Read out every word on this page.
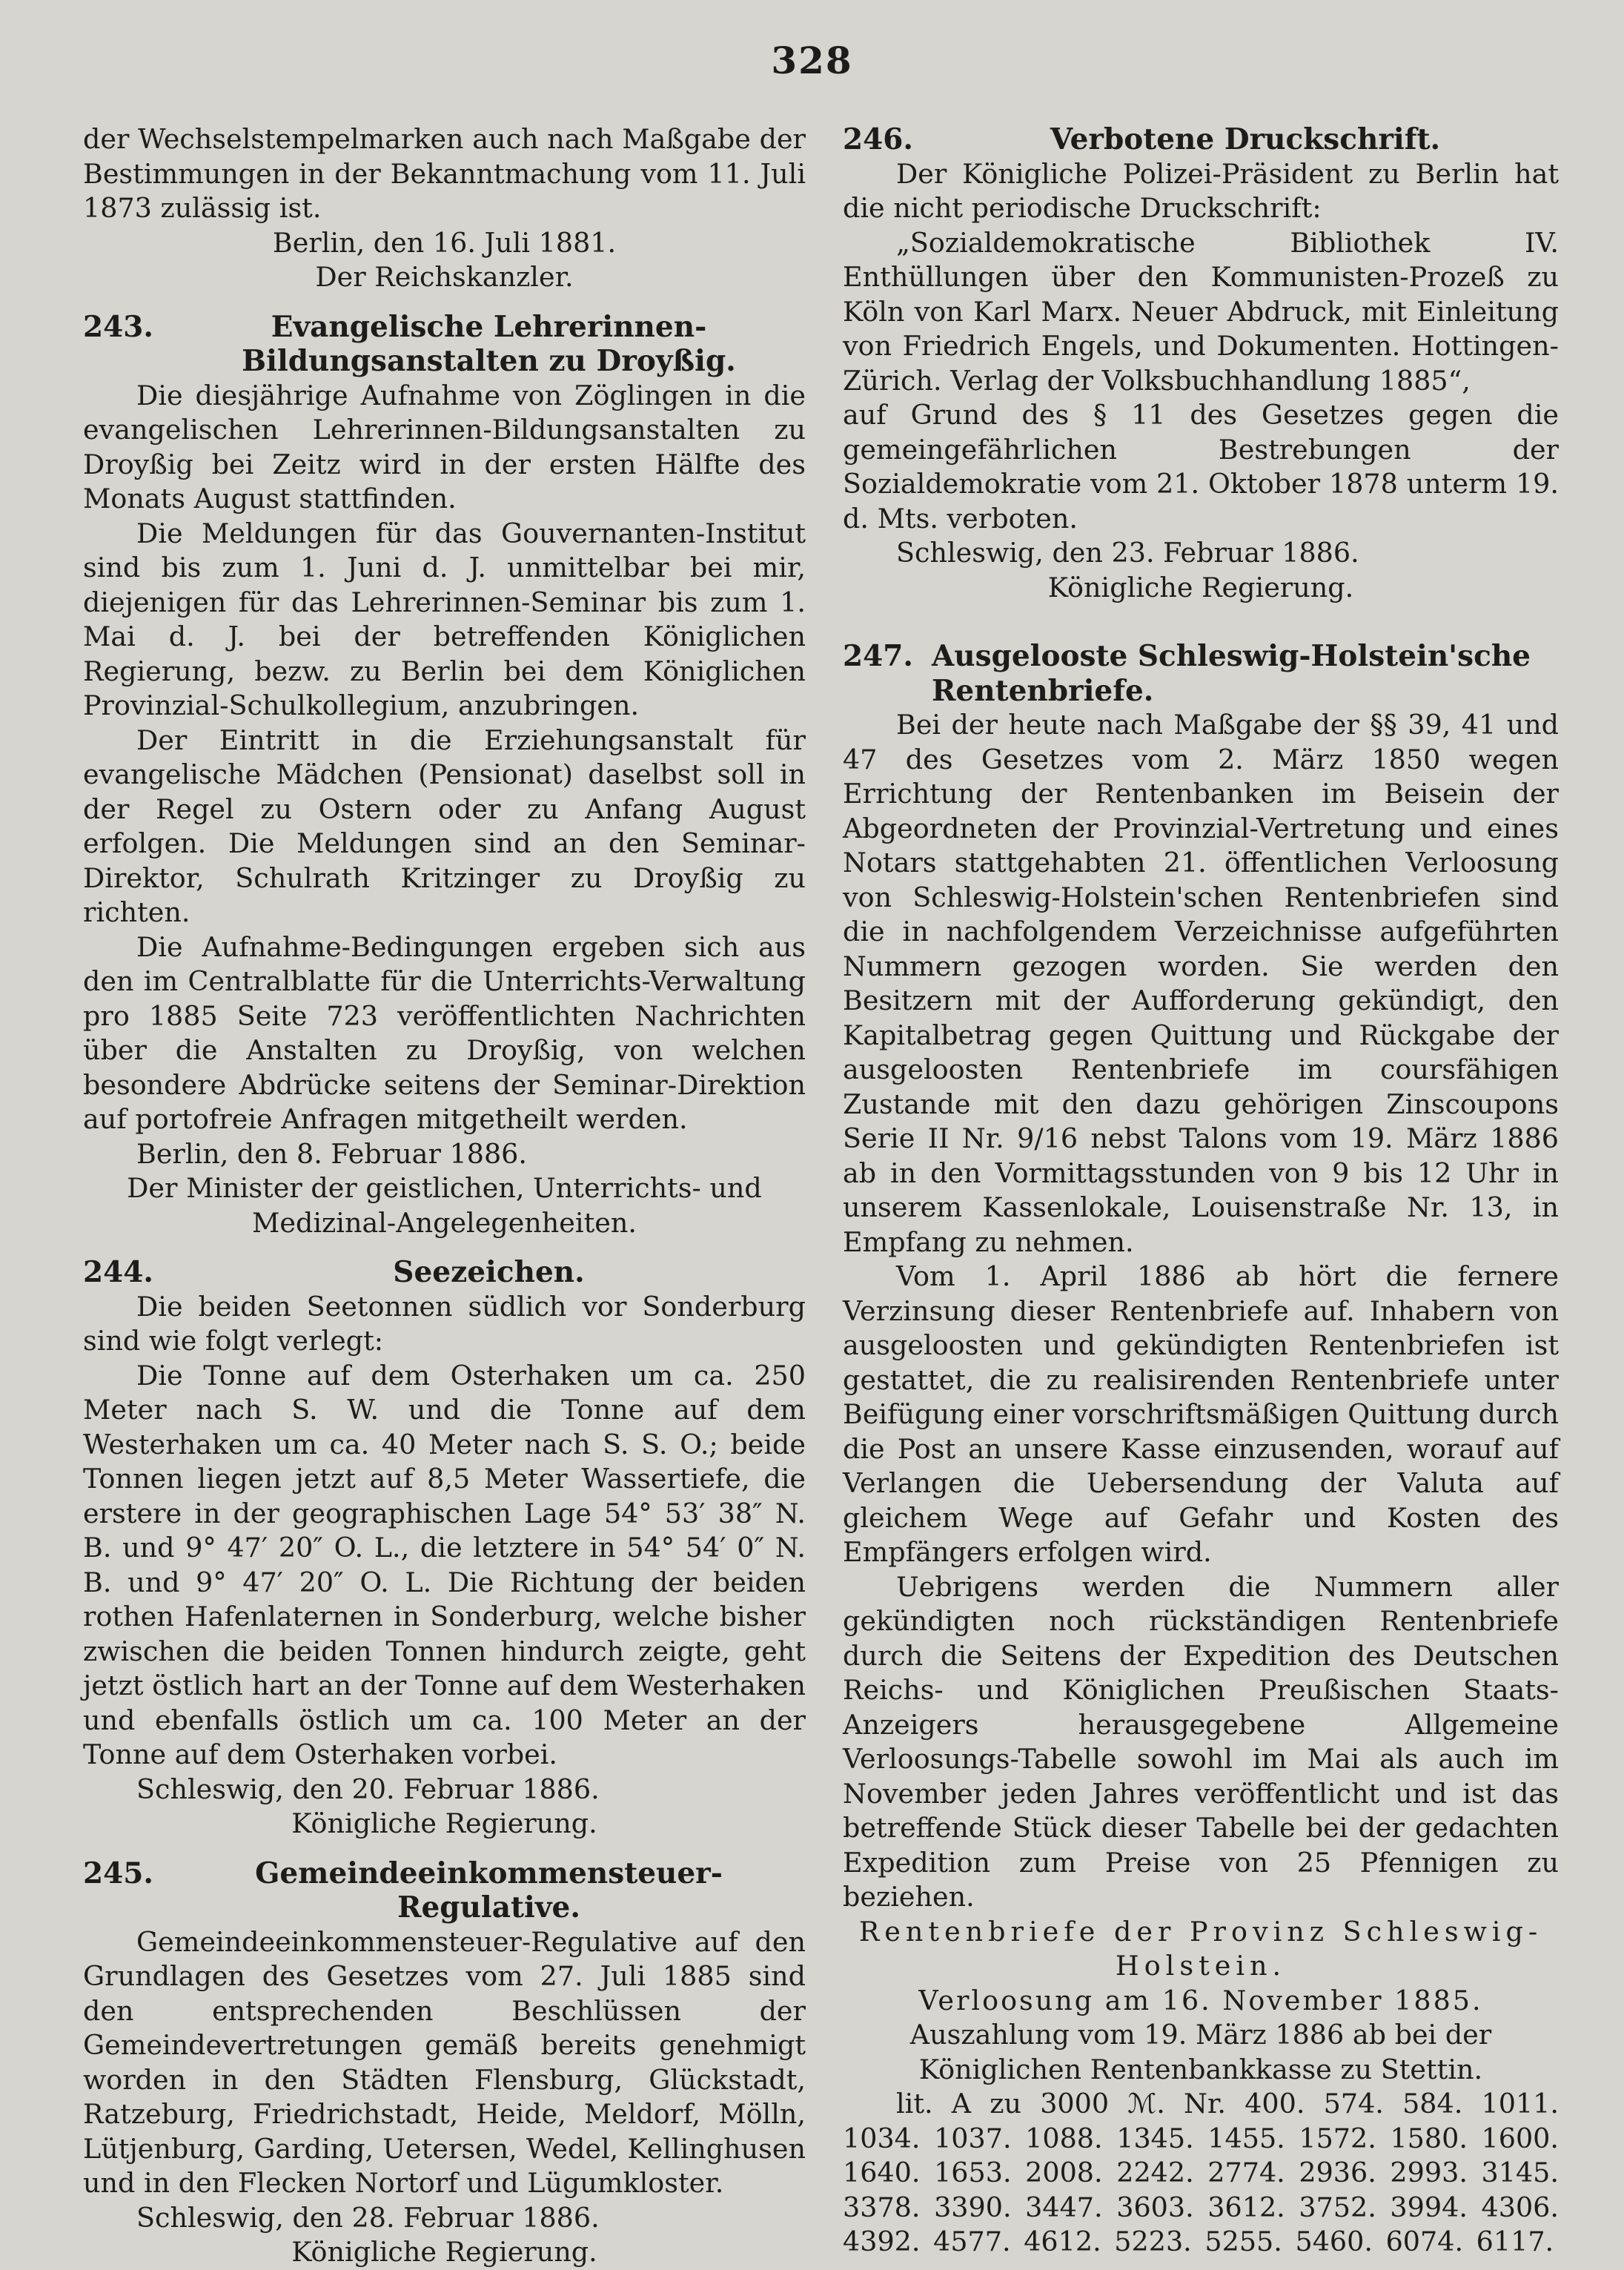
328

der Wechselstempelmarken auch nach Maßgabe der Bestimmungen in der Bekanntmachung vom 11. Juli 1873 zulässig ist.

Berlin, den 16. Juli 1881.

Der Reichskanzler.

243.	Evangelische Lehrerinnen-Bildungsanstalten zu Droyßig.

Die diesjährige Aufnahme von Zöglingen in die evangelischen Lehrerinnen-Bildungsanstalten zu Droyßig bei Zeitz wird in der ersten Hälfte des Monats August stattfinden.

Die Meldungen für das Gouvernanten-Institut sind bis zum 1. Juni d. J. unmittelbar bei mir, diejenigen für das Lehrerinnen-Seminar bis zum 1. Mai d. J. bei der betreffenden Königlichen Regierung, bezw. zu Berlin bei dem Königlichen Provinzial-Schulkollegium, anzubringen.

Der Eintritt in die Erziehungsanstalt für evangelische Mädchen (Pensionat) daselbst soll in der Regel zu Ostern oder zu Anfang August erfolgen. Die Meldungen sind an den Seminar-Direktor, Schulrath Kritzinger zu Droyßig zu richten.

Die Aufnahme-Bedingungen ergeben sich aus den im Centralblatte für die Unterrichts-Verwaltung pro 1885 Seite 723 veröffentlichten Nachrichten über die Anstalten zu Droyßig, von welchen besondere Abdrücke seitens der Seminar-Direktion auf portofreie Anfragen mitgetheilt werden.

Berlin, den 8. Februar 1886.

Der Minister der geistlichen, Unterrichts- und Medizinal-Angelegenheiten.

244.	Seezeichen.

Die beiden Seetonnen südlich vor Sonderburg sind wie folgt verlegt:

Die Tonne auf dem Osterhaken um ca. 250 Meter nach S. W. und die Tonne auf dem Westerhaken um ca. 40 Meter nach S. S. O.; beide Tonnen liegen jetzt auf 8,5 Meter Wassertiefe, die erstere in der geographischen Lage 54° 53′ 38″ N. B. und 9° 47′ 20″ O. L., die letztere in 54° 54′ 0″ N. B. und 9° 47′ 20″ O. L. Die Richtung der beiden rothen Hafenlaternen in Sonderburg, welche bisher zwischen die beiden Tonnen hindurch zeigte, geht jetzt östlich hart an der Tonne auf dem Westerhaken und ebenfalls östlich um ca. 100 Meter an der Tonne auf dem Osterhaken vorbei.

Schleswig, den 20. Februar 1886.

Königliche Regierung.

245.	Gemeindeeinkommensteuer-Regulative.

Gemeindeeinkommensteuer-Regulative auf den Grundlagen des Gesetzes vom 27. Juli 1885 sind den entsprechenden Beschlüssen der Gemeindevertretungen gemäß bereits genehmigt worden in den Städten Flensburg, Glückstadt, Ratzeburg, Friedrichstadt, Heide, Meldorf, Mölln, Lütjenburg, Garding, Uetersen, Wedel, Kellinghusen und in den Flecken Nortorf und Lügumkloster.

Schleswig, den 28. Februar 1886.

Königliche Regierung.

246.	Verbotene Druckschrift.

Der Königliche Polizei-Präsident zu Berlin hat die nicht periodische Druckschrift:

„Sozialdemokratische Bibliothek IV. Enthüllungen über den Kommunisten-Prozeß zu Köln von Karl Marx. Neuer Abdruck, mit Einleitung von Friedrich Engels, und Dokumenten. Hottingen-Zürich. Verlag der Volksbuchhandlung 1885“,

auf Grund des § 11 des Gesetzes gegen die gemeingefährlichen Bestrebungen der Sozialdemokratie vom 21. Oktober 1878 unterm 19. d. Mts. verboten.

Schleswig, den 23. Februar 1886.

Königliche Regierung.

247. Ausgelooste Schleswig-Holstein'sche Rentenbriefe.

Bei der heute nach Maßgabe der §§ 39, 41 und 47 des Gesetzes vom 2. März 1850 wegen Errichtung der Rentenbanken im Beisein der Abgeordneten der Provinzial-Vertretung und eines Notars stattgehabten 21. öffentlichen Verloosung von Schleswig-Holstein'schen Rentenbriefen sind die in nachfolgendem Verzeichnisse aufgeführten Nummern gezogen worden. Sie werden den Besitzern mit der Aufforderung gekündigt, den Kapitalbetrag gegen Quittung und Rückgabe der ausgeloosten Rentenbriefe im coursfähigen Zustande mit den dazu gehörigen Zinscoupons Serie II Nr. 9/16 nebst Talons vom 19. März 1886 ab in den Vormittagsstunden von 9 bis 12 Uhr in unserem Kassenlokale, Louisenstraße Nr. 13, in Empfang zu nehmen.

Vom 1. April 1886 ab hört die fernere Verzinsung dieser Rentenbriefe auf. Inhabern von ausgeloosten und gekündigten Rentenbriefen ist gestattet, die zu realisirenden Rentenbriefe unter Beifügung einer vorschriftsmäßigen Quittung durch die Post an unsere Kasse einzusenden, worauf auf Verlangen die Uebersendung der Valuta auf gleichem Wege auf Gefahr und Kosten des Empfängers erfolgen wird.

Uebrigens werden die Nummern aller gekündigten noch rückständigen Rentenbriefe durch die Seitens der Expedition des Deutschen Reichs- und Königlichen Preußischen Staats-Anzeigers herausgegebene Allgemeine Verloosungs-Tabelle sowohl im Mai als auch im November jeden Jahres veröffentlicht und ist das betreffende Stück dieser Tabelle bei der gedachten Expedition zum Preise von 25 Pfennigen zu beziehen.

Rentenbriefe der Provinz Schleswig-Holstein.

Verloosung am 16. November 1885.

Auszahlung vom 19. März 1886 ab bei der Königlichen Rentenbankkasse zu Stettin.

lit. A zu 3000 ℳ. Nr. 400. 574. 584. 1011. 1034. 1037. 1088. 1345. 1455. 1572. 1580. 1600. 1640. 1653. 2008. 2242. 2774. 2936. 2993. 3145. 3378. 3390. 3447. 3603. 3612. 3752. 3994. 4306. 4392. 4577. 4612. 5223. 5255. 5460. 6074. 6117.
